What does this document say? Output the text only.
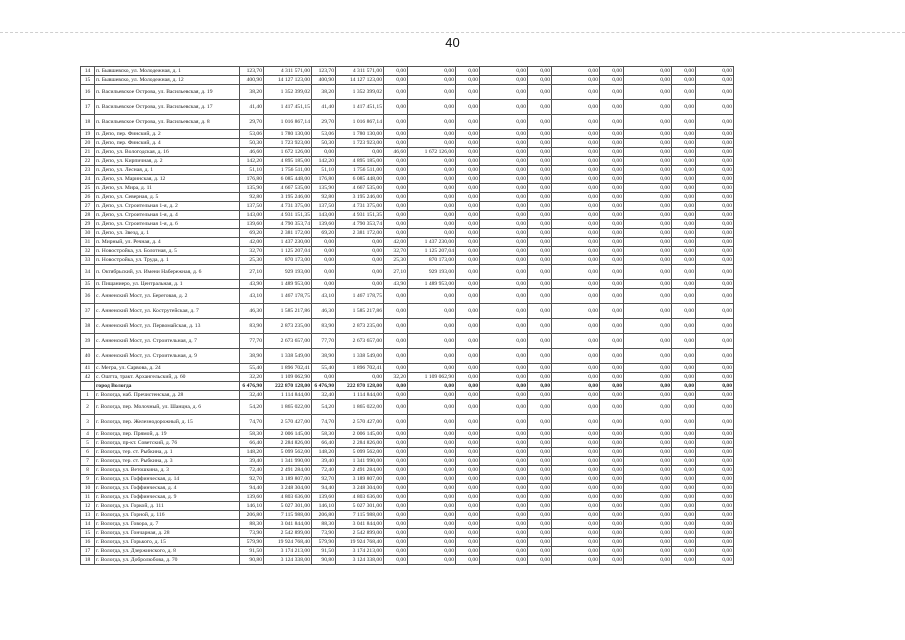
40
14	п. Бывшевско, ул. Молодежная, д. 1	123,70	4 311 571,00	123,70	4 311 571,00	0,00	0,00	0,00	0,00	0,00	0,00	0,00	0,00	0,00	0,00
15	п. Бывшевско, ул. Молодежная, д. 12	400,90	14 127 123,00	400,90	14 127 123,00	0,00	0,00	0,00	0,00	0,00	0,00	0,00	0,00	0,00	0,00
16	п. Васильевское Острова, ул. Васильевская, д. 19	38,20	1 352 399,02	38,20	1 352 399,02	0,00	0,00	0,00	0,00	0,00	0,00	0,00	0,00	0,00	0,00
17	п. Васильевское Острова, ул. Васильевская, д. 17	41,40	1 417 451,15	41,40	1 417 451,15	0,00	0,00	0,00	0,00	0,00	0,00	0,00	0,00	0,00	0,00
18	п. Васильевское Острова, ул. Васильевская, д. 8	29,70	1 016 867,14	29,70	1 016 867,14	0,00	0,00	0,00	0,00	0,00	0,00	0,00	0,00	0,00	0,00
19	п. Депо, пер. Финский, д. 2	53,06	1 780 130,00	53,06	1 780 130,00	0,00	0,00	0,00	0,00	0,00	0,00	0,00	0,00	0,00	0,00
20	п. Депо, пер. Финский, д. 4	50,30	1 723 923,00	50,30	1 723 923,00	0,00	0,00	0,00	0,00	0,00	0,00	0,00	0,00	0,00	0,00
21	п. Депо, ул. Вологодская, д. 16	46,60	1 672 126,00	0,00	0,00	46,60	1 672 126,00	0,00	0,00	0,00	0,00	0,00	0,00	0,00	0,00
22	п. Депо, ул. Кирпичная, д. 2	142,20	4 895 185,00	142,20	4 895 185,00	0,00	0,00	0,00	0,00	0,00	0,00	0,00	0,00	0,00	0,00
23	п. Депо, ул. Лесная, д. 1	51,10	1 756 511,00	51,10	1 756 511,00	0,00	0,00	0,00	0,00	0,00	0,00	0,00	0,00	0,00	0,00
24	п. Депо, ул. Маринская, д. 12	176,80	6 085 448,00	176,80	6 085 448,00	0,00	0,00	0,00	0,00	0,00	0,00	0,00	0,00	0,00	0,00
25	п. Депо, ул. Мира, д. 11	135,90	4 667 535,00	135,90	4 667 535,00	0,00	0,00	0,00	0,00	0,00	0,00	0,00	0,00	0,00	0,00
26	п. Депо, ул. Северная, д. 5	92,80	3 195 246,00	92,80	3 195 246,00	0,00	0,00	0,00	0,00	0,00	0,00	0,00	0,00	0,00	0,00
27	п. Депо, ул. Строительная 1-я, д. 2	137,50	4 731 375,00	137,50	4 731 375,00	0,00	0,00	0,00	0,00	0,00	0,00	0,00	0,00	0,00	0,00
28	п. Депо, ул. Строительная 1-я, д. 4	143,00	4 931 151,35	143,00	4 931 151,35	0,00	0,00	0,00	0,00	0,00	0,00	0,00	0,00	0,00	0,00
29	п. Депо, ул. Строительная 1-я, д. 6	139,60	4 790 353,74	139,60	4 790 353,74	0,00	0,00	0,00	0,00	0,00	0,00	0,00	0,00	0,00	0,00
30	п. Депо, ул. Звезд, д. 1	69,20	2 381 172,00	69,20	2 381 172,00	0,00	0,00	0,00	0,00	0,00	0,00	0,00	0,00	0,00	0,00
31	п. Мирный, ул. Речная, д. 4	42,00	1 437 230,00	0,00	0,00	42,00	1 437 230,00	0,00	0,00	0,00	0,00	0,00	0,00	0,00	0,00
32	п. Новостройка, ул. Болотная, д. 5	32,70	1 125 207,04	0,00	0,00	32,70	1 125 207,04	0,00	0,00	0,00	0,00	0,00	0,00	0,00	0,00
33	п. Новостройка, ул. Труда, д. 1	25,30	870 173,00	0,00	0,00	25,30	870 173,00	0,00	0,00	0,00	0,00	0,00	0,00	0,00	0,00
34	п. Октябрьский, ул. Имени Набережная, д. 6	27,10	929 193,00	0,00	0,00	27,10	929 193,00	0,00	0,00	0,00	0,00	0,00	0,00	0,00	0,00
35	п. Пищаниеро, ул. Центральная, д. 1	43,90	1 489 953,00	0,00	0,00	43,90	1 489 953,00	0,00	0,00	0,00	0,00	0,00	0,00	0,00	0,00
36	с. Анненский Мост, ул. Береговая, д. 2	43,10	1 467 178,75	43,10	1 467 178,75	0,00	0,00	0,00	0,00	0,00	0,00	0,00	0,00	0,00	0,00
37	с. Анненский Мост, ул. Кострутейская, д. 7	46,30	1 585 217,86	46,30	1 585 217,86	0,00	0,00	0,00	0,00	0,00	0,00	0,00	0,00	0,00	0,00
38	с. Анненский Мост, ул. Первомайская, д. 13	83,90	2 873 235,00	83,90	2 873 235,00	0,00	0,00	0,00	0,00	0,00	0,00	0,00	0,00	0,00	0,00
39	с. Анненский Мост, ул. Строительная, д. 7	77,70	2 673 657,00	77,70	2 673 657,00	0,00	0,00	0,00	0,00	0,00	0,00	0,00	0,00	0,00	0,00
40	с. Анненский Мост, ул. Строительная, д. 9	38,90	1 338 549,00	38,90	1 338 549,00	0,00	0,00	0,00	0,00	0,00	0,00	0,00	0,00	0,00	0,00
41	с. Мегра, ул. Сарвова, д. 24	55,40	1 896 702,41	55,40	1 896 702,41	0,00	0,00	0,00	0,00	0,00	0,00	0,00	0,00	0,00	0,00
42	с. Оштта, тракт. Архангельский, д. 60	32,20	1 109 062,90	0,00	0,00	32,20	1 109 062,90	0,00	0,00	0,00	0,00	0,00	0,00	0,00	0,00
	город Вологда	6 476,90	222 870 128,00	6 476,90	222 870 128,00	0,00	0,00	0,00	0,00	0,00	0,00	0,00	0,00	0,00	0,00
1	г. Вологда, наб. Пречистенская, д. 28	32,40	1 114 844,00	32,40	1 114 844,00	0,00	0,00	0,00	0,00	0,00	0,00	0,00	0,00	0,00	0,00
2	г. Вологда, пер. Молочный, ул. Шанцна, д. 6	54,20	1 865 022,00	54,20	1 865 022,00	0,00	0,00	0,00	0,00	0,00	0,00	0,00	0,00	0,00	0,00
3	г. Вологда, пер. Железнодорожный, д. 15	74,70	2 570 427,00	74,70	2 570 427,00	0,00	0,00	0,00	0,00	0,00	0,00	0,00	0,00	0,00	0,00
4	г. Вологда, пер. Прямой, д. 19	58,30	2 006 145,00	58,30	2 006 145,00	0,00	0,00	0,00	0,00	0,00	0,00	0,00	0,00	0,00	0,00
5	г. Вологда, пр-кт. Советский, д. 76	66,40	2 284 826,00	66,40	2 284 826,00	0,00	0,00	0,00	0,00	0,00	0,00	0,00	0,00	0,00	0,00
6	г. Вологда, тер. ст. Рыбкина, д. 1	148,20	5 099 562,00	148,20	5 099 562,00	0,00	0,00	0,00	0,00	0,00	0,00	0,00	0,00	0,00	0,00
7	г. Вологда, тер. ст. Рыбкина, д. 3	39,40	1 341 990,00	39,40	1 341 990,00	0,00	0,00	0,00	0,00	0,00	0,00	0,00	0,00	0,00	0,00
8	г. Вологда, ул. Ветошкина, д. 3	72,40	2 491 284,00	72,40	2 491 284,00	0,00	0,00	0,00	0,00	0,00	0,00	0,00	0,00	0,00	0,00
9	г. Вологда, ул. Гоффинческая, д. 14	92,70	3 189 807,00	92,70	3 189 807,00	0,00	0,00	0,00	0,00	0,00	0,00	0,00	0,00	0,00	0,00
10	г. Вологда, ул. Гоффинческая, д. 4	94,40	3 248 304,00	94,40	3 248 304,00	0,00	0,00	0,00	0,00	0,00	0,00	0,00	0,00	0,00	0,00
11	г. Вологда, ул. Гоффинческая, д. 9	139,60	4 803 636,00	139,60	4 803 636,00	0,00	0,00	0,00	0,00	0,00	0,00	0,00	0,00	0,00	0,00
12	г. Вологда, ул. Горкой, д. 111	146,10	5 027 301,00	146,10	5 027 301,00	0,00	0,00	0,00	0,00	0,00	0,00	0,00	0,00	0,00	0,00
13	г. Вологда, ул. Горной, д. 116	206,80	7 115 988,00	206,80	7 115 988,00	0,00	0,00	0,00	0,00	0,00	0,00	0,00	0,00	0,00	0,00
14	г. Вологда, ул. Говора, д. 7	88,30	3 041 844,00	88,30	3 041 844,00	0,00	0,00	0,00	0,00	0,00	0,00	0,00	0,00	0,00	0,00
15	г. Вологда, ул. Гончарная, д. 28	73,90	2 542 899,00	73,90	2 542 899,00	0,00	0,00	0,00	0,00	0,00	0,00	0,00	0,00	0,00	0,00
16	г. Вологда, ул. Горького, д. 15	579,90	19 924 768,40	579,90	19 924 768,40	0,00	0,00	0,00	0,00	0,00	0,00	0,00	0,00	0,00	0,00
17	г. Вологда, ул. Дзержинского, д. 8	91,50	3 174 213,00	91,50	3 174 213,00	0,00	0,00	0,00	0,00	0,00	0,00	0,00	0,00	0,00	0,00
18	г. Вологда, ул. Добролюбова, д. 70	90,80	3 124 338,00	90,80	3 124 338,00	0,00	0,00	0,00	0,00	0,00	0,00	0,00	0,00	0,00	0,00
